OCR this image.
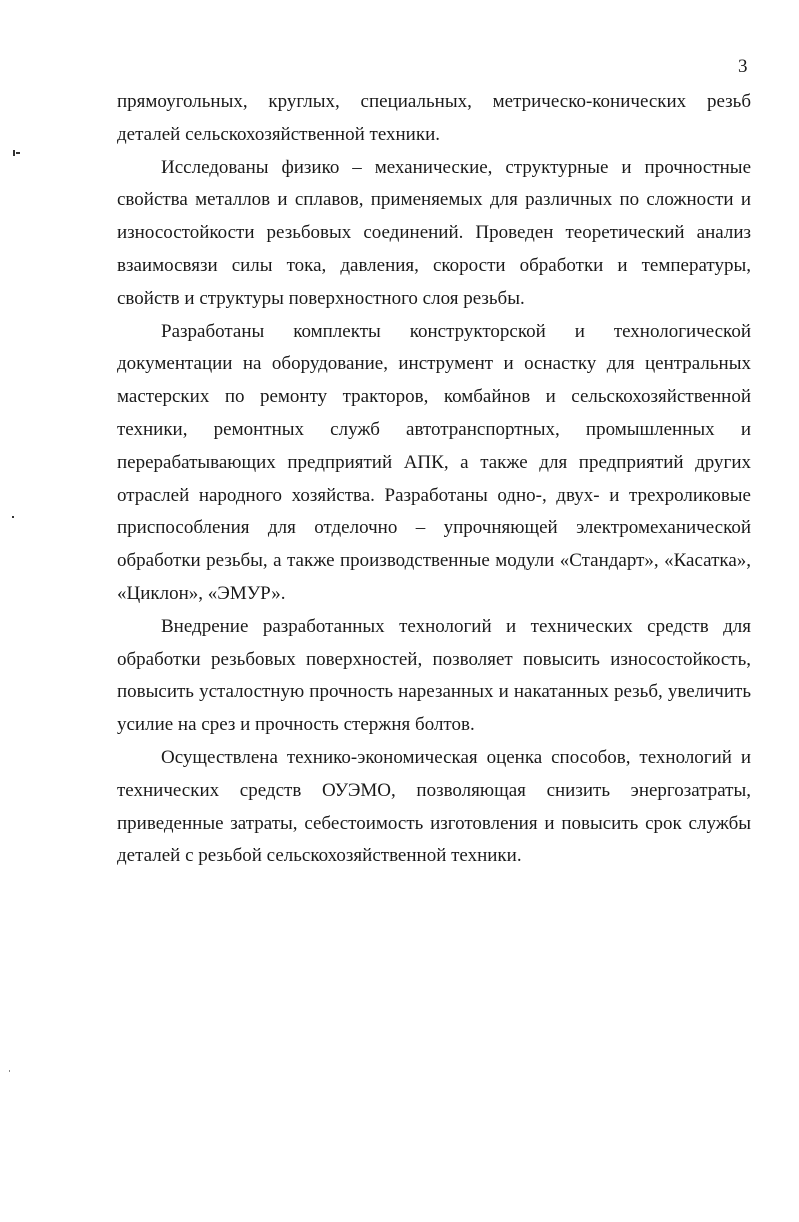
3

прямоугольных, круглых, специальных, метрическо-конических резьб деталей сельскохозяйственной техники.

Исследованы физико – механические, структурные и прочностные свойства металлов и сплавов, применяемых для различных по сложности и износостойкости резьбовых соединений. Проведен теоретический анализ взаимосвязи силы тока, давления, скорости обработки и температуры, свойств и структуры поверхностного слоя резьбы.

Разработаны комплекты конструкторской и технологической документации на оборудование, инструмент и оснастку для центральных мастерских по ремонту тракторов, комбайнов и сельскохозяйственной техники, ремонтных служб автотранспортных, промышленных и перерабатывающих предприятий АПК, а также для предприятий других отраслей народного хозяйства. Разработаны одно-, двух- и трехроликовые приспособления для отделочно – упрочняющей электромеханической обработки резьбы, а также производственные модули «Стандарт», «Касатка», «Циклон», «ЭМУР».

Внедрение разработанных технологий и технических средств для обработки резьбовых поверхностей, позволяет повысить износостойкость, повысить усталостную прочность нарезанных и накатанных резьб, увеличить усилие на срез и прочность стержня болтов.

Осуществлена технико-экономическая оценка способов, технологий и технических средств ОУЭМО, позволяющая снизить энергозатраты, приведенные затраты, себестоимость изготовления и повысить срок службы деталей с резьбой сельскохозяйственной техники.
